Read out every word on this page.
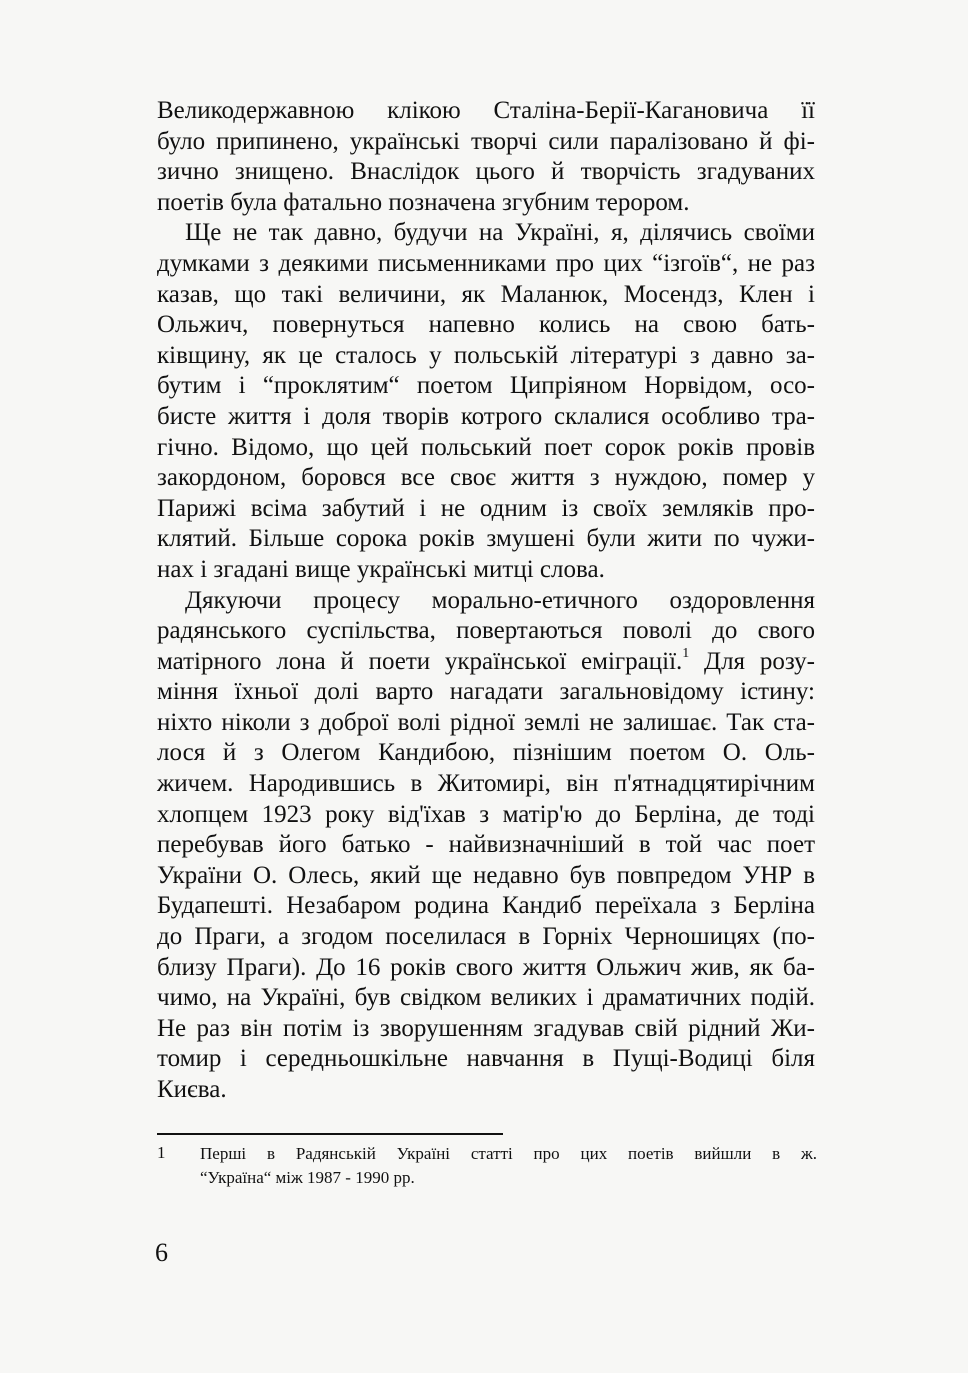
Великодержавною клікою Сталіна-Берії-Кагановича її
було припинено, українські творчі сили паралізовано й фі-
зично знищено. Внаслідок цього й творчість згадуваних
поетів була фатально позначена згубним терором.
Ще не так давно, будучи на Україні, я, ділячись своїми
думками з деякими письменниками про цих “ізгоїв“, не раз
казав, що такі величини, як Маланюк, Мосендз, Клен і
Ольжич, повернуться напевно колись на свою бать-
ківщину, як це сталось у польській літературі з давно за-
бутим і “проклятим“ поетом Ципріяном Норвідом, осо-
бисте життя і доля творів котрого склалися особливо тра-
гічно. Відомо, що цей польський поет сорок років провів
закордоном, боровся все своє життя з нуждою, помер у
Парижі всіма забутий і не одним із своїх земляків про-
клятий. Більше сорока років змушені були жити по чужи-
нах і згадані вище українські митці слова.
Дякуючи процесу морально-етичного оздоровлення
радянського суспільства, повертаються поволі до свого
матірного лона й поети української еміграції.$^1$ Для розу-
міння їхньої долі варто нагадати загальновідому істину:
ніхто ніколи з доброї волі рідної землі не залишає. Так ста-
лося й з Олегом Кандибою, пізнішим поетом О. Оль-
жичем. Народившись в Житомирі, він п'ятнадцятирічним
хлопцем 1923 року від'їхав з матір'ю до Берліна, де тоді
перебував його батько - найвизначніший в той час поет
України О. Олесь, який ще недавно був повпредом УНР в
Будапешті. Незабаром родина Кандиб переїхала з Берліна
до Праги, а згодом поселилася в Горніх Черношицях (по-
близу Праги). До 16 років свого життя Ольжич жив, як ба-
чимо, на Україні, був свідком великих і драматичних подій.
Не раз він потім із зворушенням згадував свій рідний Жи-
томир і середньошкільне навчання в Пущі-Водиці біля
Києва.
1 Перші в Радянській Україні статті про цих поетів вийшли в ж.
“Україна“ між 1987 - 1990 рр.
6
